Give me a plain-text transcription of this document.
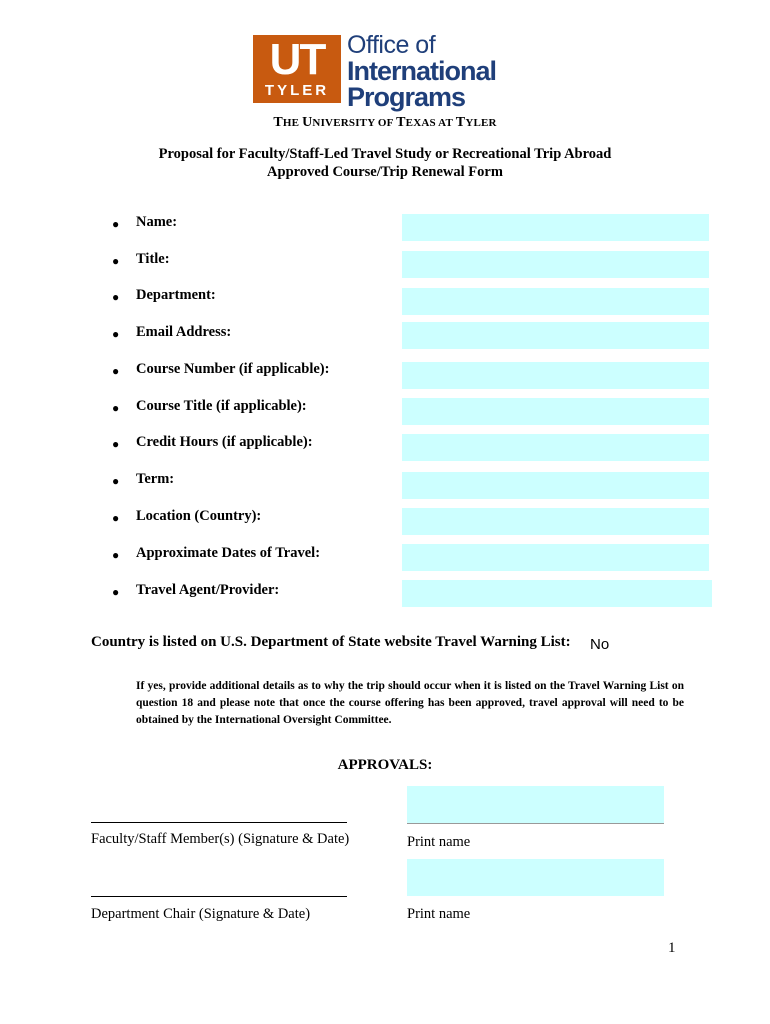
UT
TYLER
Office of
International
Programs
THE UNIVERSITY OF TEXAS AT TYLER
Proposal for Faculty/Staff-Led Travel Study or Recreational Trip Abroad
Approved Course/Trip Renewal Form
● Name:
● Title:
● Department:
● Email Address:
● Course Number (if applicable):
● Course Title (if applicable):
● Credit Hours (if applicable):
● Term:
● Location (Country):
● Approximate Dates of Travel:
● Travel Agent/Provider:
Country is listed on U.S. Department of State website Travel Warning List: No
If yes, provide additional details as to why the trip should occur when it is listed on the Travel Warning List on question 18 and please note that once the course offering has been approved, travel approval will need to be obtained by the International Oversight Committee.
APPROVALS:
Faculty/Staff Member(s) (Signature & Date)	Print name
Department Chair (Signature & Date)	Print name
1
